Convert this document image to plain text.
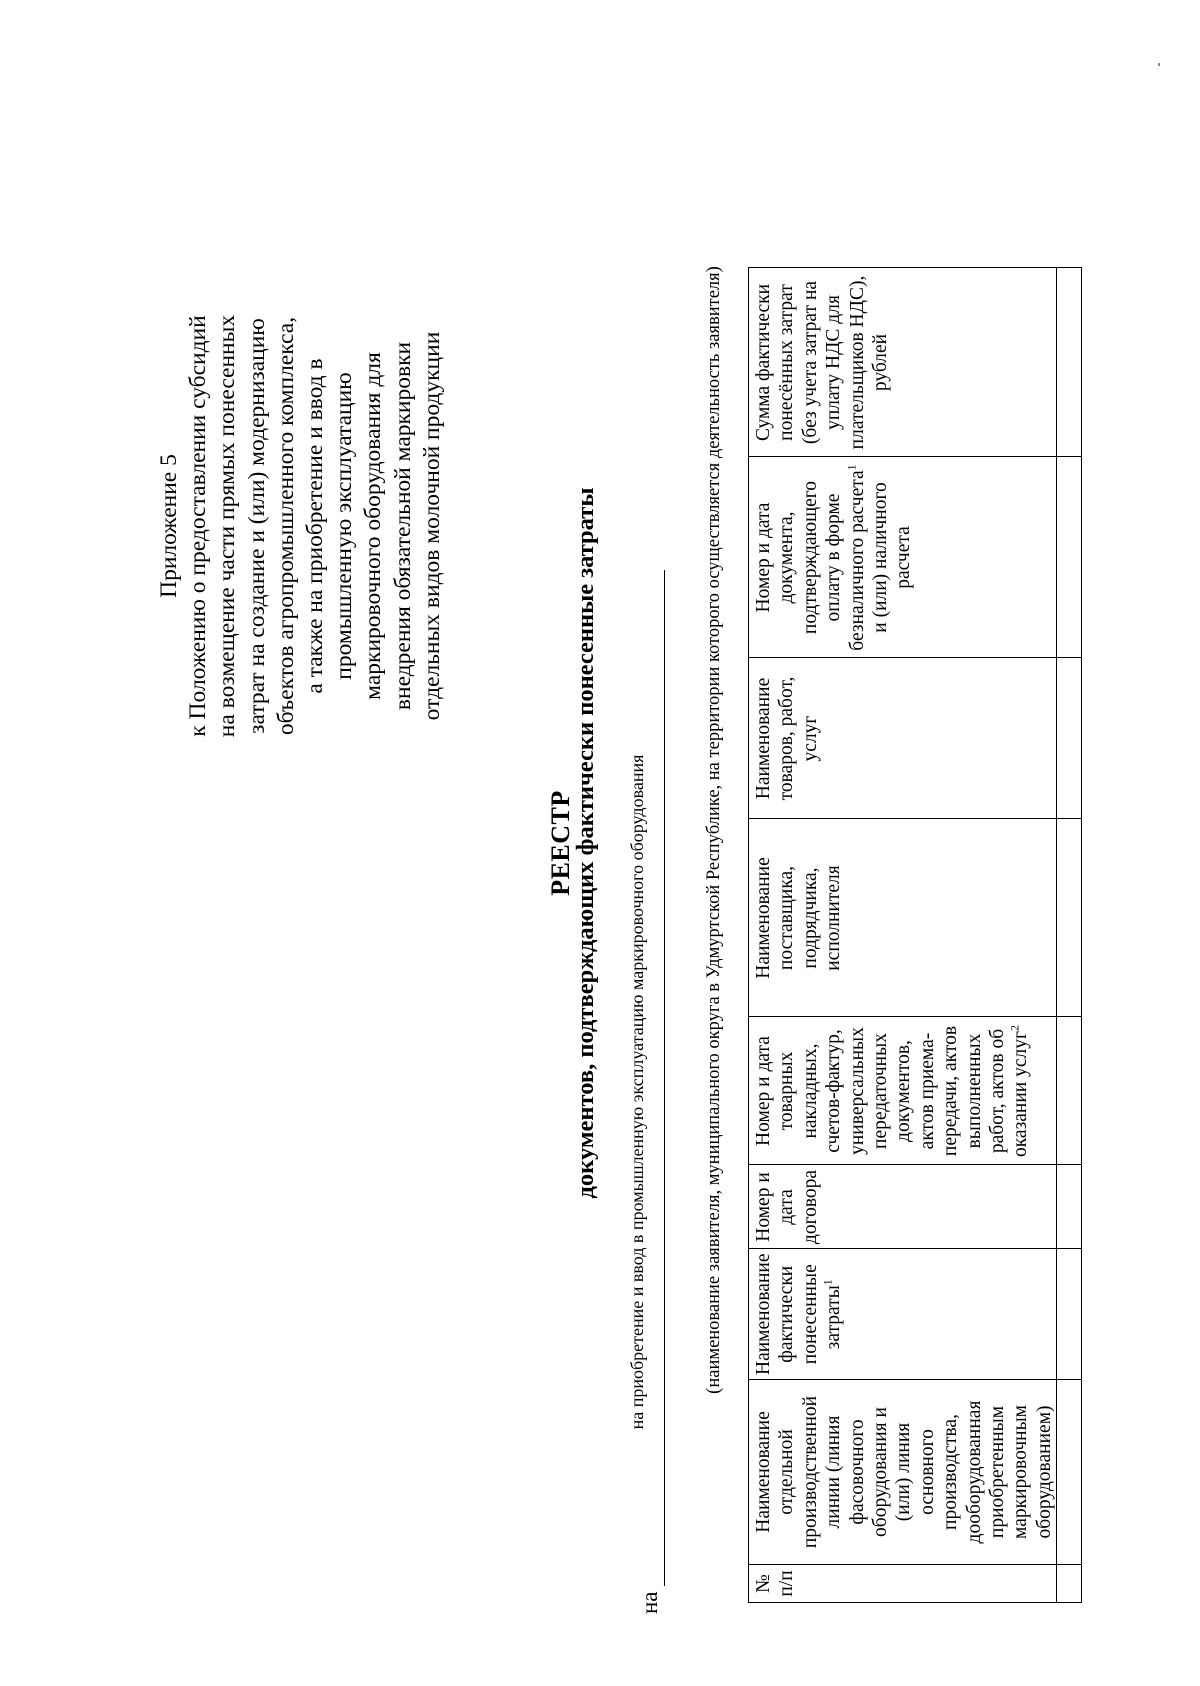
Приложение 5 к Положению о предоставлении субсидий на возмещение части прямых понесенных затрат на создание и (или) модернизацию объектов агропромышленного комплекса, а также на приобретение и ввод в промышленную эксплуатацию маркировочного оборудования для внедрения обязательной маркировки отдельных видов молочной продукции
РЕЕСТР
документов, подтверждающих фактически понесенные затраты
на
на приобретение и ввод в промышленную эксплуатацию маркировочного оборудования	(наименование заявителя, муниципального округа в Удмуртской Республике, на территории которого осуществляется деятельность заявителя)
№ п/п	Наименование отдельной производственной линии (линия фасовочного оборудования и (или) линия основного производства, дооборудованная приобретенным маркировочным оборудованием)	Наименование фактически понесенные затраты$^1$	Номер и дата договора	Номер и дата товарных накладных, счетов-фактур, универсальных передаточных документов, актов приема-передачи, актов выполненных работ, актов об оказании услуг$^2$	Наименование поставщика, подрядчика, исполнителя	Наименование товаров, работ, услуг	Номер и дата документа, подтверждающего оплату в форме безналичного расчета$^1$ и (или) наличного расчета	Сумма фактически понесённых затрат (без учета затрат на уплату НДС для плательщиков НДС), рублей
